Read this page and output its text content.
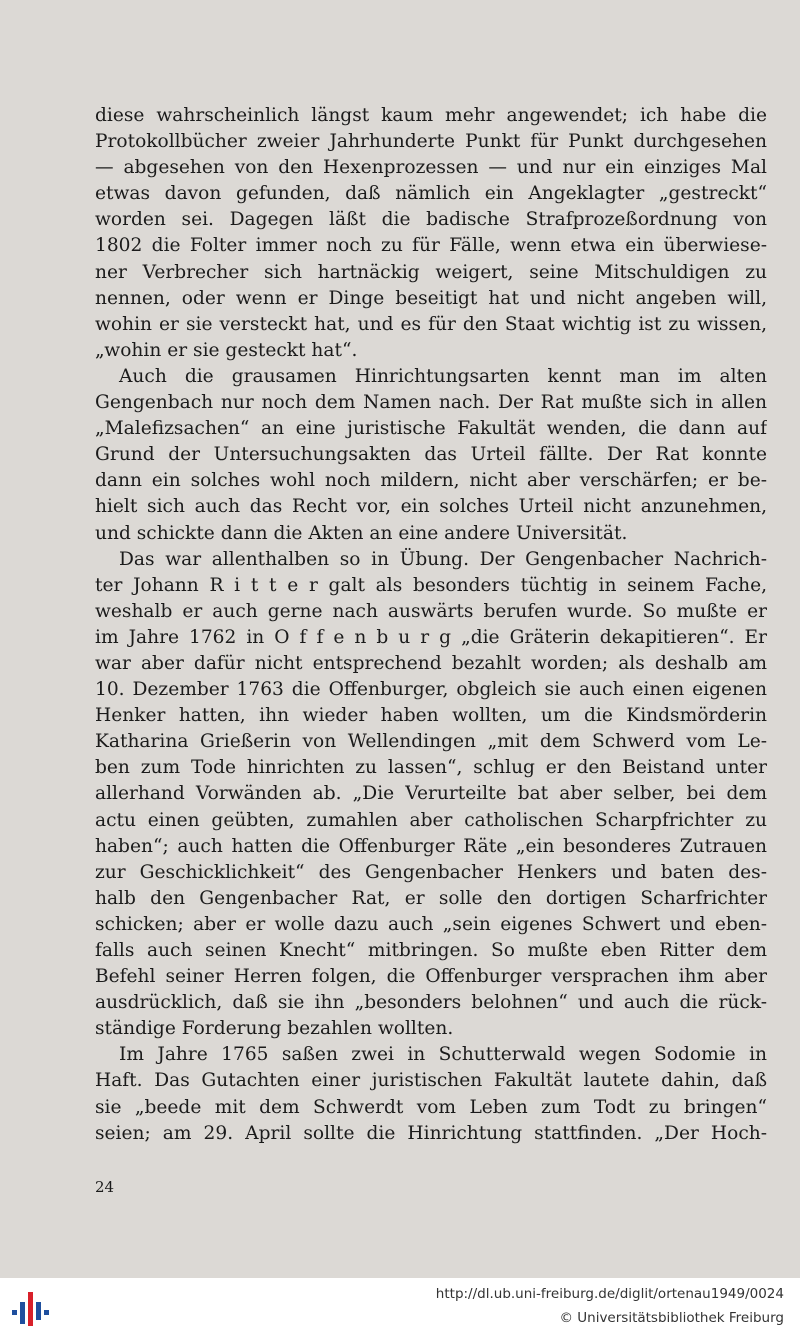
diese wahrscheinlich längst kaum mehr angewendet; ich habe die
Protokollbücher zweier Jahrhunderte Punkt für Punkt durchgesehen
— abgesehen von den Hexenprozessen — und nur ein einziges Mal
etwas davon gefunden, daß nämlich ein Angeklagter „gestreckt“
worden sei. Dagegen läßt die badische Strafprozeßordnung von
1802 die Folter immer noch zu für Fälle, wenn etwa ein überwiese-
ner Verbrecher sich hartnäckig weigert, seine Mitschuldigen zu
nennen, oder wenn er Dinge beseitigt hat und nicht angeben will,
wohin er sie versteckt hat, und es für den Staat wichtig ist zu wissen,
„wohin er sie gesteckt hat“.

Auch die grausamen Hinrichtungsarten kennt man im alten
Gengenbach nur noch dem Namen nach. Der Rat mußte sich in allen
„Malefizsachen“ an eine juristische Fakultät wenden, die dann auf
Grund der Untersuchungsakten das Urteil fällte. Der Rat konnte
dann ein solches wohl noch mildern, nicht aber verschärfen; er be-
hielt sich auch das Recht vor, ein solches Urteil nicht anzunehmen,
und schickte dann die Akten an eine andere Universität.

Das war allenthalben so in Übung. Der Gengenbacher Nachrich-
ter Johann R i t t e r galt als besonders tüchtig in seinem Fache,
weshalb er auch gerne nach auswärts berufen wurde. So mußte er
im Jahre 1762 in O f f e n b u r g „die Gräterin dekapitieren“. Er
war aber dafür nicht entsprechend bezahlt worden; als deshalb am
10. Dezember 1763 die Offenburger, obgleich sie auch einen eigenen
Henker hatten, ihn wieder haben wollten, um die Kindsmörderin
Katharina Grießerin von Wellendingen „mit dem Schwerd vom Le-
ben zum Tode hinrichten zu lassen“, schlug er den Beistand unter
allerhand Vorwänden ab. „Die Verurteilte bat aber selber, bei dem
actu einen geübten, zumahlen aber catholischen Scharpfrichter zu
haben“; auch hatten die Offenburger Räte „ein besonderes Zutrauen
zur Geschicklichkeit“ des Gengenbacher Henkers und baten des-
halb den Gengenbacher Rat, er solle den dortigen Scharfrichter
schicken; aber er wolle dazu auch „sein eigenes Schwert und eben-
falls auch seinen Knecht“ mitbringen. So mußte eben Ritter dem
Befehl seiner Herren folgen, die Offenburger versprachen ihm aber
ausdrücklich, daß sie ihn „besonders belohnen“ und auch die rück-
ständige Forderung bezahlen wollten.

Im Jahre 1765 saßen zwei in Schutterwald wegen Sodomie in
Haft. Das Gutachten einer juristischen Fakultät lautete dahin, daß
sie „beede mit dem Schwerdt vom Leben zum Todt zu bringen“
seien; am 29. April sollte die Hinrichtung stattfinden. „Der Hoch-

24
http://dl.ub.uni-freiburg.de/diglit/ortenau1949/0024
© Universitätsbibliothek Freiburg
